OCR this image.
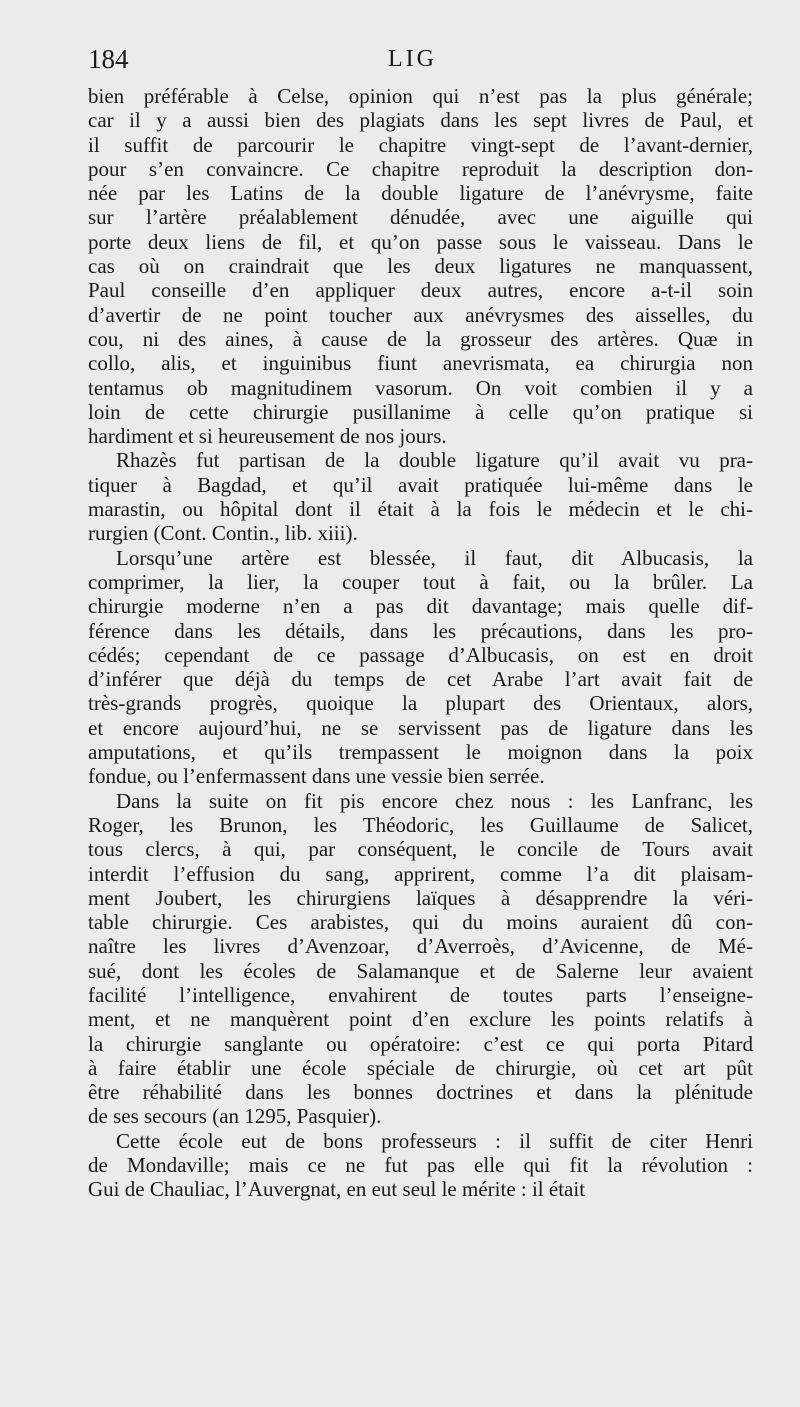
184	LIG
bien préférable à Celse, opinion qui n’est pas la plus générale;
car il y a aussi bien des plagiats dans les sept livres de Paul, et
il suffit de parcourir le chapitre vingt-sept de l’avant-dernier,
pour s’en convaincre. Ce chapitre reproduit la description don-
née par les Latins de la double ligature de l’anévrysme, faite
sur l’artère préalablement dénudée, avec une aiguille qui
porte deux liens de fil, et qu’on passe sous le vaisseau. Dans le
cas où on craindrait que les deux ligatures ne manquassent,
Paul conseille d’en appliquer deux autres, encore a-t-il soin
d’avertir de ne point toucher aux anévrysmes des aisselles, du
cou, ni des aines, à cause de la grosseur des artères. Quæ in
collo, alis, et inguinibus fiunt anevrismata, ea chirurgia non
tentamus ob magnitudinem vasorum. On voit combien il y a
loin de cette chirurgie pusillanime à celle qu’on pratique si
hardiment et si heureusement de nos jours.
Rhazès fut partisan de la double ligature qu’il avait vu pra-
tiquer à Bagdad, et qu’il avait pratiquée lui-même dans le
marastin, ou hôpital dont il était à la fois le médecin et le chi-
rurgien (Cont. Contin., lib. xiii).
Lorsqu’une artère est blessée, il faut, dit Albucasis, la
comprimer, la lier, la couper tout à fait, ou la brûler. La
chirurgie moderne n’en a pas dit davantage; mais quelle dif-
férence dans les détails, dans les précautions, dans les pro-
cédés; cependant de ce passage d’Albucasis, on est en droit
d’inférer que déjà du temps de cet Arabe l’art avait fait de
très-grands progrès, quoique la plupart des Orientaux, alors,
et encore aujourd’hui, ne se servissent pas de ligature dans les
amputations, et qu’ils trempassent le moignon dans la poix
fondue, ou l’enfermassent dans une vessie bien serrée.
Dans la suite on fit pis encore chez nous : les Lanfranc, les
Roger, les Brunon, les Théodoric, les Guillaume de Salicet,
tous clercs, à qui, par conséquent, le concile de Tours avait
interdit l’effusion du sang, apprirent, comme l’a dit plaisam-
ment Joubert, les chirurgiens laïques à désapprendre la véri-
table chirurgie. Ces arabistes, qui du moins auraient dû con-
naître les livres d’Avenzoar, d’Averroès, d’Avicenne, de Mé-
sué, dont les écoles de Salamanque et de Salerne leur avaient
facilité l’intelligence, envahirent de toutes parts l’enseigne-
ment, et ne manquèrent point d’en exclure les points relatifs à
la chirurgie sanglante ou opératoire: c’est ce qui porta Pitard
à faire établir une école spéciale de chirurgie, où cet art pût
être réhabilité dans les bonnes doctrines et dans la plénitude
de ses secours (an 1295, Pasquier).
Cette école eut de bons professeurs : il suffit de citer Henri
de Mondaville; mais ce ne fut pas elle qui fit la révolution :
Gui de Chauliac, l’Auvergnat, en eut seul le mérite : il était
